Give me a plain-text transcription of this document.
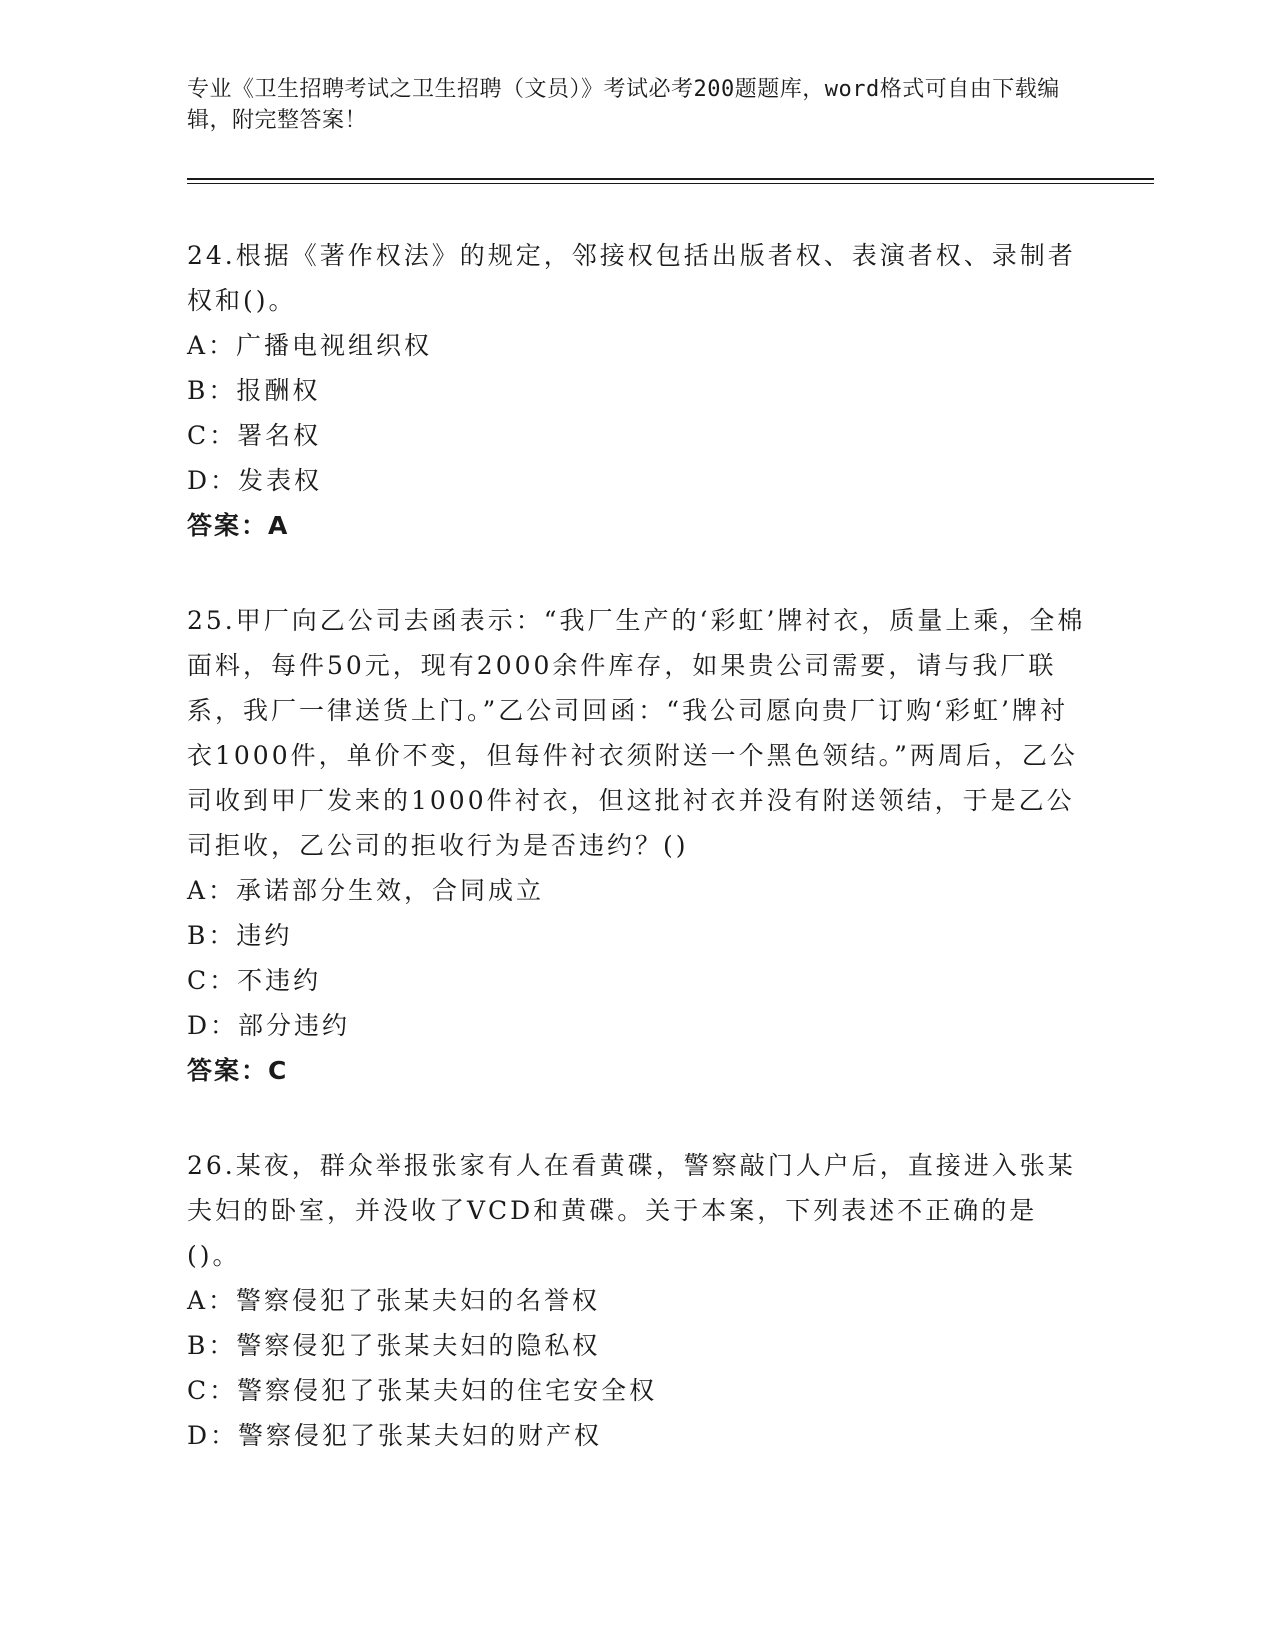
专业《卫生招聘考试之卫生招聘（文员）》考试必考200题题库，word格式可自由下载编辑，附完整答案！

24.根据《著作权法》的规定，邻接权包括出版者权、表演者权、录制者权和()。

A：广播电视组织权

B：报酬权

C：署名权

D：发表权

答案：A

25.甲厂向乙公司去函表示：“我厂生产的‘彩虹’牌衬衣，质量上乘，全棉面料，每件50元，现有2000余件库存，如果贵公司需要，请与我厂联系，我厂一律送货上门。”乙公司回函：“我公司愿向贵厂订购‘彩虹’牌衬衣1000件，单价不变，但每件衬衣须附送一个黑色领结。”两周后，乙公司收到甲厂发来的1000件衬衣，但这批衬衣并没有附送领结，于是乙公司拒收，乙公司的拒收行为是否违约？()

A：承诺部分生效，合同成立

B：违约

C：不违约

D：部分违约

答案：C

26.某夜，群众举报张家有人在看黄碟，警察敲门人户后，直接进入张某夫妇的卧室，并没收了VCD和黄碟。关于本案，下列表述不正确的是()。

A：警察侵犯了张某夫妇的名誉权

B：警察侵犯了张某夫妇的隐私权

C：警察侵犯了张某夫妇的住宅安全权

D：警察侵犯了张某夫妇的财产权
